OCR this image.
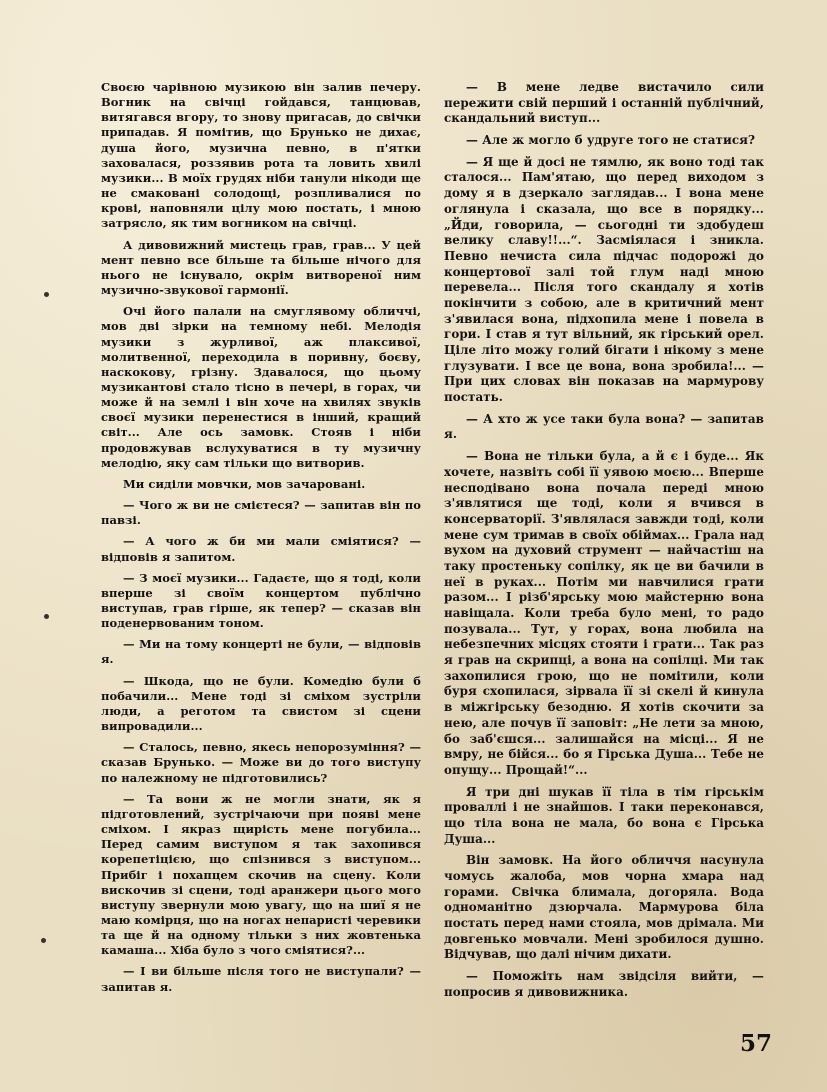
Своєю чарівною музикою він залив печеру. Вогник на свічці гойдався, танцював, витягався вгору, то знову пригасав, до свічки припадав. Я помітив, що Брунько не дихає, душа його, музична певно, в п'ятки заховалася, роззявив рота та ловить хвилі музики... В моїх грудях ніби танули нікоди ще не смаковані солодощі, розпливалися по крові, наповняли цілу мою постать, і мною затрясло, як тим вогником на свічці.

А дивовижний мистець грав, грав... У цей мент певно все більше та більше нічого для нього не існувало, окрім витвореної ним музично-звукової гармонії.

Очі його палали на смуглявому обличчі, мов дві зірки на темному небі. Мелодія музики з журливої, аж плаксивої, молитвенної, переходила в поривну, боєву, наскокову, грізну. Здавалося, що цьому музикантові стало тісно в печері, в горах, чи може й на землі і він хоче на хвилях звуків своєї музики перенестися в інший, кращий світ... Але ось замовк. Стояв і ніби продовжував вслухуватися в ту музичну мелодію, яку сам тільки що витворив.

Ми сиділи мовчки, мов зачаровані.

— Чого ж ви не смієтеся? — запитав він по павзі.

— А чого ж би ми мали сміятися? — відповів я запитом.

— З моєї музики... Гадаєте, що я тоді, коли вперше зі своїм концертом публічно виступав, грав гірше, як тепер? — сказав він поденервованим тоном.

— Ми на тому концерті не були, — відповів я.

— Шкода, що не були. Комедію були б побачили... Мене тоді зі сміхом зустріли люди, а реготом та свистом зі сцени випровадили...

— Сталось, певно, якесь непорозуміння? — сказав Брунько. — Може ви до того виступу по належному не підготовились?

— Та вони ж не могли знати, як я підготовлений, зустрічаючи при появі мене сміхом. І якраз щирість мене погубила... Перед самим виступом я так захопився корепетіцією, що спізнився з виступом... Прибіг і похапцем скочив на сцену. Коли вискочив зі сцени, тоді аранжери цього мого виступу звернули мою увагу, що на шиї я не маю комірця, що на ногах непаристі черевики та ще й на одному тільки з них жовтенька камаша... Хіба було з чого сміятися?...

— І ви більше після того не виступали? — запитав я.

— В мене ледве вистачило сили пережити свій перший і останній публічний, скандальний виступ...

— Але ж могло б удруге того не статися?

— Я ще й досі не тямлю, як воно тоді так сталося... Пам'ятаю, що перед виходом з дому я в дзеркало заглядав... І вона мене оглянула і сказала, що все в порядку... „Йди, говорила, — сьогодні ти здобудеш велику славу!!...“. Засміялася і зникла. Певно нечиста сила підчас подорожі до концертової залі той глум наді мною перевела... Після того скандалу я хотів покінчити з собою, але в критичний мент з'явилася вона, підхопила мене і повела в гори. І став я тут вільний, як гірський орел. Ціле літо можу голий бігати і нікому з мене глузувати. І все це вона, вона зробила!... — При цих словах він показав на мармурову постать.

— А хто ж усе таки була вона? — запитав я.

— Вона не тільки була, а й є і буде... Як хочете, назвіть собі її уявою моєю... Вперше несподівано вона почала переді мною з'являтися ще тоді, коли я вчився в консерваторії. З'являлася завжди тоді, коли мене сум тримав в своїх обіймах... Грала над вухом на духовий струмент — найчастіш на таку простеньку сопілку, як це ви бачили в неї в руках... Потім ми навчилися грати разом... І різб'ярську мою майстерню вона навіщала. Коли треба було мені, то радо позувала... Тут, у горах, вона любила на небезпечних місцях стояти і грати... Так раз я грав на скрипці, а вона на сопілці. Ми так захопилися грою, що не помітили, коли буря схопилася, зірвала її зі скелі й кинула в міжгірську безодню. Я хотів скочити за нею, але почув її заповіт: „Не лети за мною, бо заб'єшся... залишайся на місці... Я не вмру, не бійся... бо я Гірська Душа... Тебе не опущу... Прощай!“...

Я три дні шукав її тіла в тім гірськім проваллі і не знайшов. І таки переконався, що тіла вона не мала, бо вона є Гірська Душа...

Він замовк. На його обличчя насунула чомусь жалоба, мов чорна хмара над горами. Свічка блимала, догоряла. Вода одноманітно дзюрчала. Мармурова біла постать перед нами стояла, мов дрімала. Ми довгенько мовчали. Мені зробилося душно. Відчував, що далі нічим дихати.

— Поможіть нам звідсіля вийти, — попросив я дивовижника.

57
